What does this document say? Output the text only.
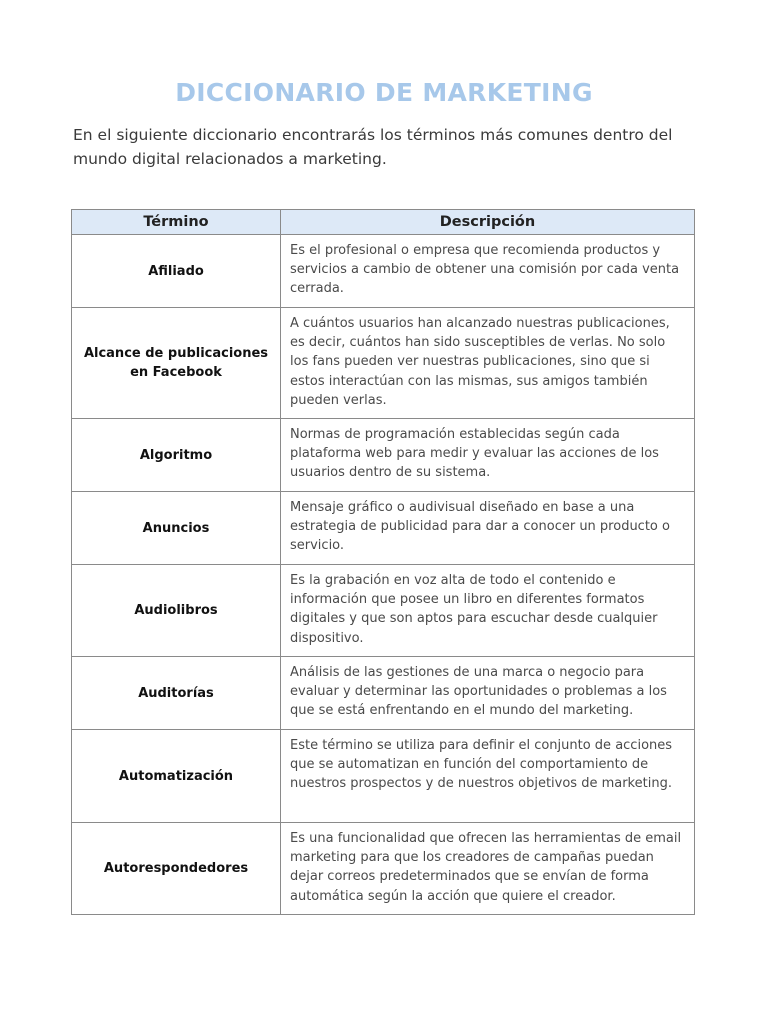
DICCIONARIO DE MARKETING

En el siguiente diccionario encontrarás los términos más comunes dentro del mundo digital relacionados a marketing.

Término	Descripción
Afiliado	Es el profesional o empresa que recomienda productos y servicios a cambio de obtener una comisión por cada venta cerrada.
Alcance de publicaciones en Facebook	A cuántos usuarios han alcanzado nuestras publicaciones, es decir, cuántos han sido susceptibles de verlas. No solo los fans pueden ver nuestras publicaciones, sino que si estos interactúan con las mismas, sus amigos también pueden verlas.
Algoritmo	Normas de programación establecidas según cada plataforma web para medir y evaluar las acciones de los usuarios dentro de su sistema.
Anuncios	Mensaje gráfico o audivisual diseñado en base a una estrategia de publicidad para dar a conocer un producto o servicio.
Audiolibros	Es la grabación en voz alta de todo el contenido e información que posee un libro en diferentes formatos digitales y que son aptos para escuchar desde cualquier dispositivo.
Auditorías	Análisis de las gestiones de una marca o negocio para evaluar y determinar las oportunidades o problemas a los que se está enfrentando en el mundo del marketing.
Automatización	Este término se utiliza para definir el conjunto de acciones que se automatizan en función del comportamiento de nuestros prospectos y de nuestros objetivos de marketing.
Autorespondedores	Es una funcionalidad que ofrecen las herramientas de email marketing para que los creadores de campañas puedan dejar correos predeterminados que se envían de forma automática según la acción que quiere el creador.
